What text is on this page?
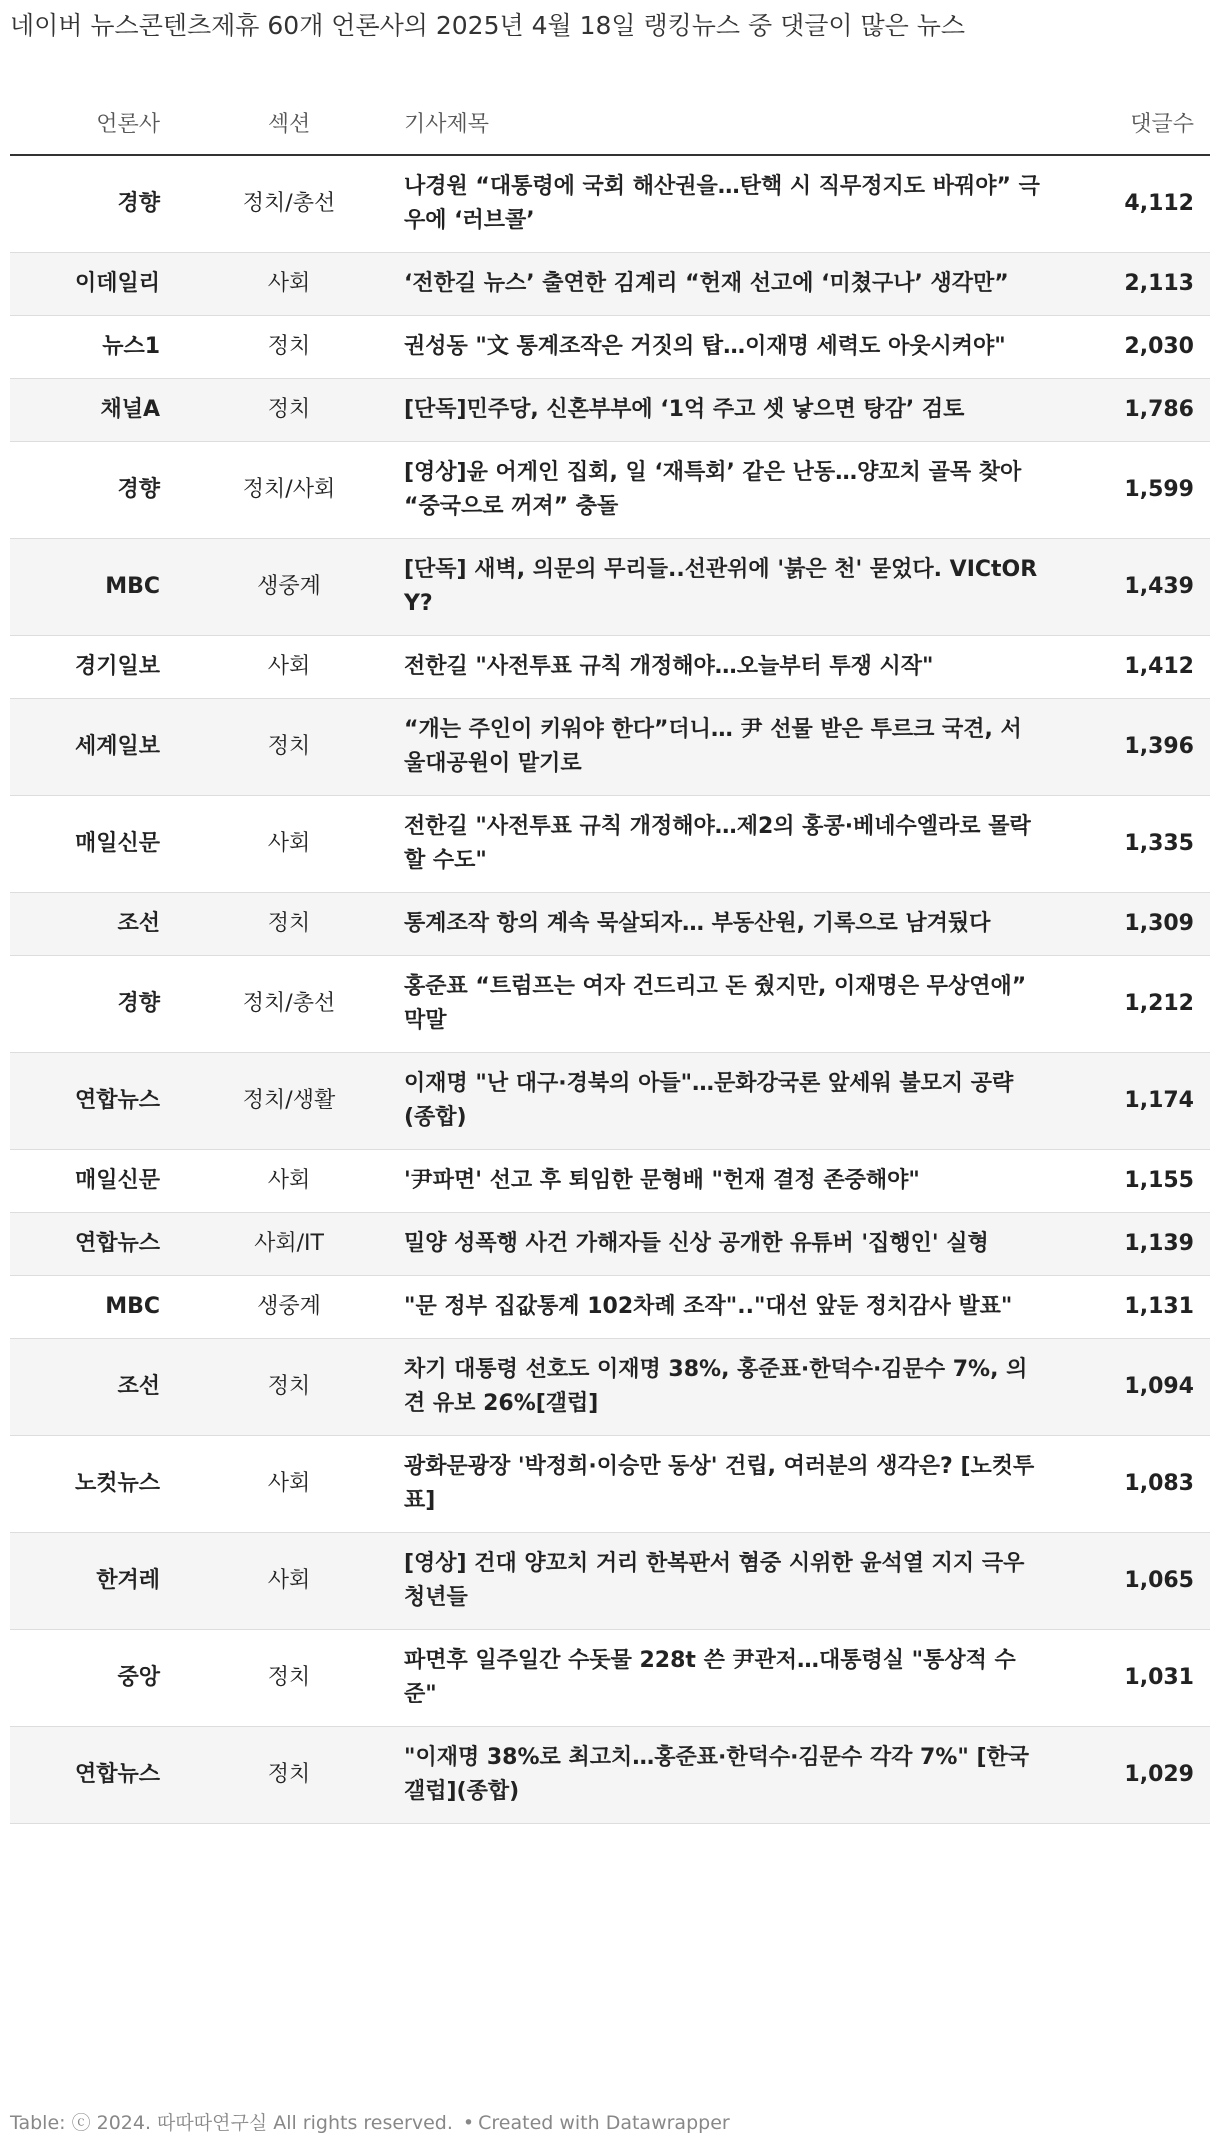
네이버 뉴스콘텐츠제휴 60개 언론사의 2025년 4월 18일 랭킹뉴스 중 댓글이 많은 뉴스
언론사	섹션	기사제목	댓글수
경향	정치/총선	나경원 “대통령에 국회 해산권을…탄핵 시 직무정지도 바꿔야” 극우에 ‘러브콜’	4,112
이데일리	사회	‘전한길 뉴스’ 출연한 김계리 “헌재 선고에 ‘미쳤구나’ 생각만”	2,113
뉴스1	정치	권성동 "文 통계조작은 거짓의 탑…이재명 세력도 아웃시켜야"	2,030
채널A	정치	[단독]민주당, 신혼부부에 ‘1억 주고 셋 낳으면 탕감’ 검토	1,786
경향	정치/사회	[영상]윤 어게인 집회, 일 ‘재특회’ 같은 난동…양꼬치 골목 찾아 “중국으로 꺼져” 충돌	1,599
MBC	생중계	[단독] 새벽, 의문의 무리들..선관위에 '붉은 천' 묻었다. VICtORY?	1,439
경기일보	사회	전한길 "사전투표 규칙 개정해야…오늘부터 투쟁 시작"	1,412
세계일보	정치	“개는 주인이 키워야 한다”더니… 尹 선물 받은 투르크 국견, 서울대공원이 맡기로	1,396
매일신문	사회	전한길 "사전투표 규칙 개정해야…제2의 홍콩·베네수엘라로 몰락할 수도"	1,335
조선	정치	통계조작 항의 계속 묵살되자… 부동산원, 기록으로 남겨뒀다	1,309
경향	정치/총선	홍준표 “트럼프는 여자 건드리고 돈 줬지만, 이재명은 무상연애” 막말	1,212
연합뉴스	정치/생활	이재명 "난 대구·경북의 아들"…문화강국론 앞세워 불모지 공략(종합)	1,174
매일신문	사회	'尹파면' 선고 후 퇴임한 문형배 "헌재 결정 존중해야"	1,155
연합뉴스	사회/IT	밀양 성폭행 사건 가해자들 신상 공개한 유튜버 '집행인' 실형	1,139
MBC	생중계	"문 정부 집값통계 102차례 조작".."대선 앞둔 정치감사 발표"	1,131
조선	정치	차기 대통령 선호도 이재명 38%, 홍준표·한덕수·김문수 7%, 의견 유보 26%[갤럽]	1,094
노컷뉴스	사회	광화문광장 '박정희·이승만 동상' 건립, 여러분의 생각은? [노컷투표]	1,083
한겨레	사회	[영상] 건대 양꼬치 거리 한복판서 혐중 시위한 윤석열 지지 극우 청년들	1,065
중앙	정치	파면후 일주일간 수돗물 228t 쓴 尹관저…대통령실 "통상적 수준"	1,031
연합뉴스	정치	"이재명 38%로 최고치…홍준표·한덕수·김문수 각각 7%" [한국갤럽](종합)	1,029
Table: ⓒ 2024. 따따따연구실 All rights reserved. • Created with Datawrapper
